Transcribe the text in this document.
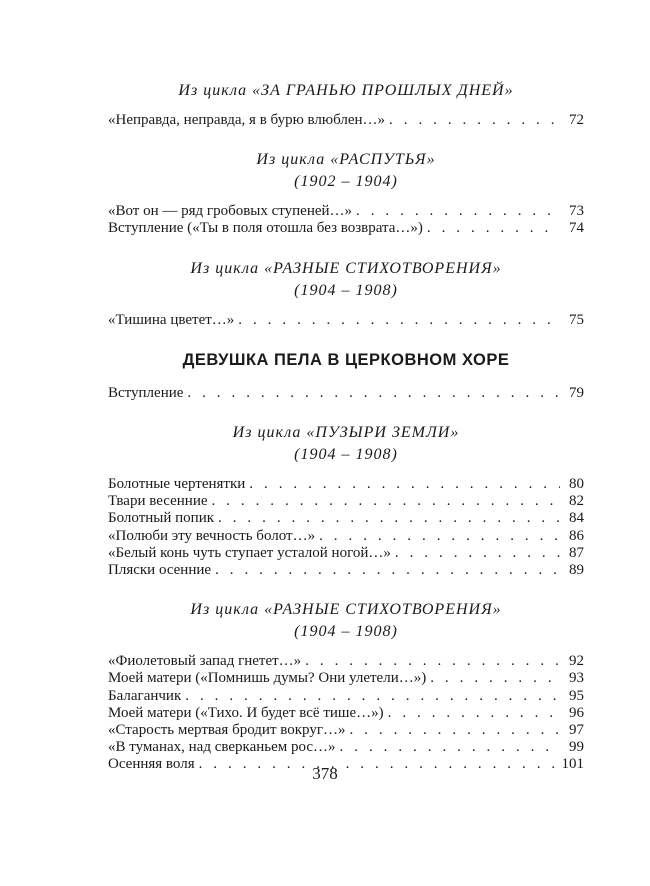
Из цикла «ЗА ГРАНЬЮ ПРОШЛЫХ ДНЕЙ»
«Неправда, неправда, я в бурю влюблен…» . . .	72
Из цикла «РАСПУТЬЯ»
(1902 – 1904)
«Вот он — ряд гробовых ступеней…» . . .	73
Вступление («Ты в поля отошла без возврата…») . . .	74
Из цикла «РАЗНЫЕ СТИХОТВОРЕНИЯ»
(1904 – 1908)
«Тишина цветет…» . . .	75
ДЕВУШКА ПЕЛА В ЦЕРКОВНОМ ХОРЕ
Вступление . . .	79
Из цикла «ПУЗЫРИ ЗЕМЛИ»
(1904 – 1908)
Болотные чертенятки . . .	80
Твари весенние . . .	82
Болотный попик . . .	84
«Полюби эту вечность болот…» . . .	86
«Белый конь чуть ступает усталой ногой…» . . .	87
Пляски осенние . . .	89
Из цикла «РАЗНЫЕ СТИХОТВОРЕНИЯ»
(1904 – 1908)
«Фиолетовый запад гнетет…» . . .	92
Моей матери («Помнишь думы? Они улетели…») . . .	93
Балаганчик . . .	95
Моей матери («Тихо. И будет всё тише…») . . .	96
«Старость мертвая бродит вокруг…» . . .	97
«В туманах, над сверканьем рос…» . . .	99
Осенняя воля . . .	101
378
